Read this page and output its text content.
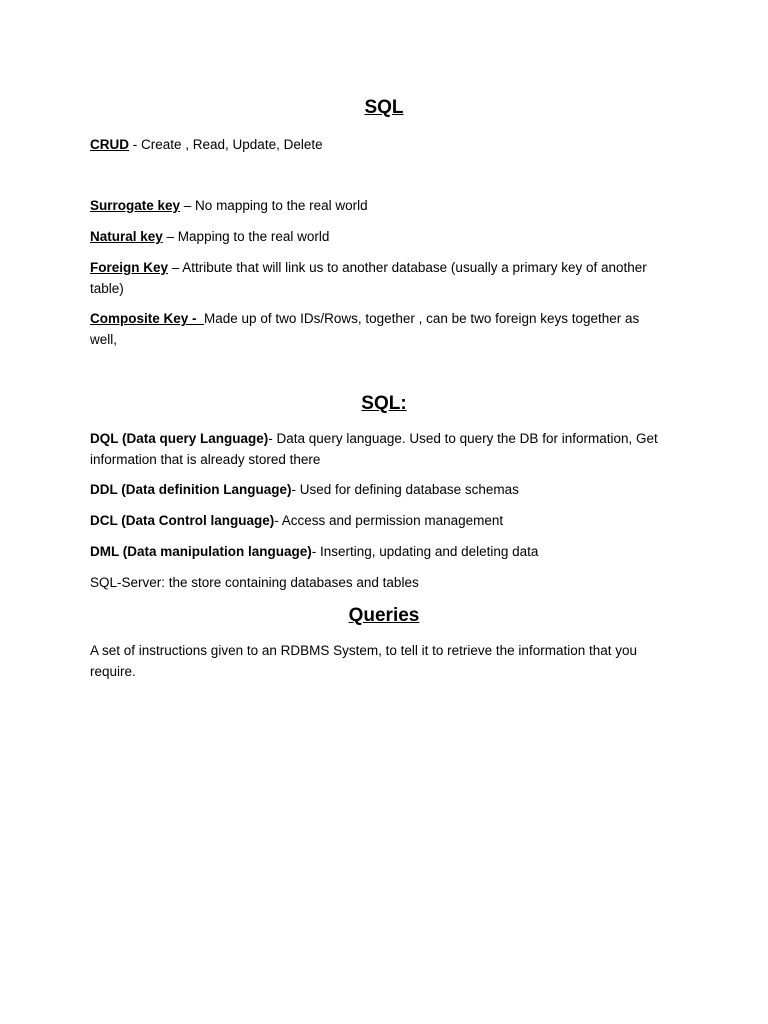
SQL
CRUD - Create , Read, Update, Delete
Surrogate key – No mapping to the real world
Natural key – Mapping to the real world
Foreign Key – Attribute that will link us to another database (usually a primary key of another table)
Composite Key -  Made up of two IDs/Rows, together , can be two foreign keys together as well,
SQL:
DQL (Data query Language)- Data query language. Used to query the DB for information, Get information that is already stored there
DDL (Data definition Language)- Used for defining database schemas
DCL (Data Control language)- Access and permission management
DML (Data manipulation language)- Inserting, updating and deleting data
SQL-Server: the store containing databases and tables
Queries
A set of instructions given to an RDBMS System, to tell it to retrieve the information that you require.
